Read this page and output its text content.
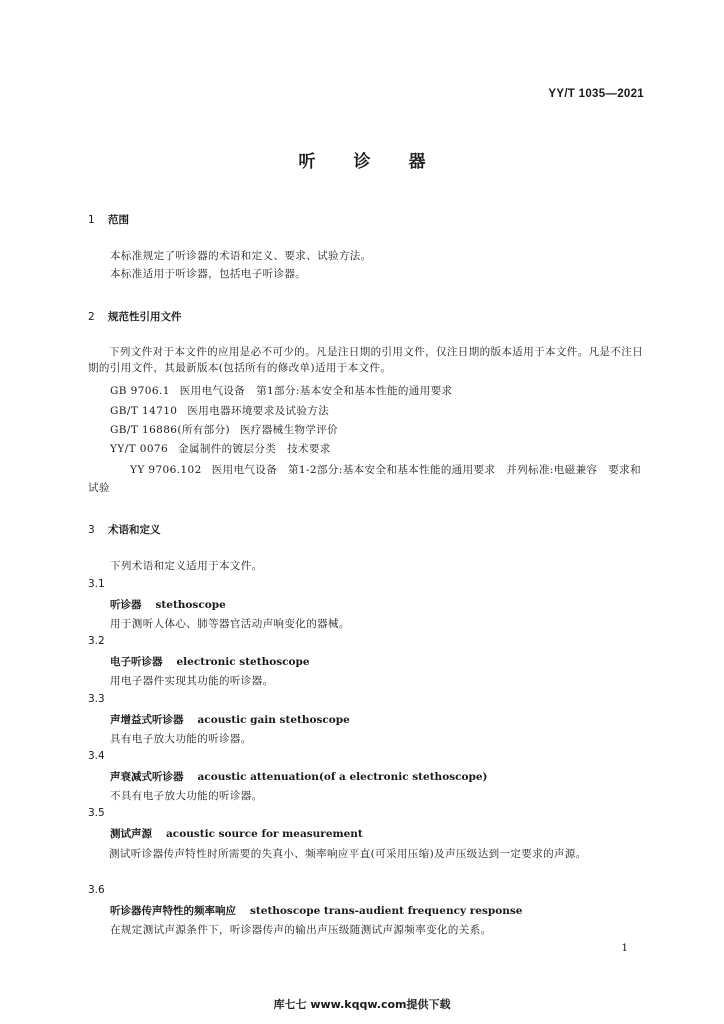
YY/T 1035—2021
听诊器
1 范围
本标准规定了听诊器的术语和定义、要求、试验方法。
本标准适用于听诊器，包括电子听诊器。
2 规范性引用文件
下列文件对于本文件的应用是必不可少的。凡是注日期的引用文件，仅注日期的版本适用于本文件。凡是不注日期的引用文件，其最新版本(包括所有的修改单)适用于本文件。
GB 9706.1 医用电气设备　第1部分:基本安全和基本性能的通用要求
GB/T 14710 医用电器环境要求及试验方法
GB/T 16886(所有部分) 医疗器械生物学评价
YY/T 0076 金属制件的镀层分类　技术要求
YY 9706.102 医用电气设备　第1-2部分:基本安全和基本性能的通用要求　并列标准:电磁兼容　要求和试验
3 术语和定义
下列术语和定义适用于本文件。
3.1
听诊器 stethoscope
用于测听人体心、肺等器官活动声响变化的器械。
3.2
电子听诊器 electronic stethoscope
用电子器件实现其功能的听诊器。
3.3
声增益式听诊器 acoustic gain stethoscope
具有电子放大功能的听诊器。
3.4
声衰减式听诊器 acoustic attenuation(of a electronic stethoscope)
不具有电子放大功能的听诊器。
3.5
测试声源 acoustic source for measurement
测试听诊器传声特性时所需要的失真小、频率响应平直(可采用压缩)及声压级达到一定要求的声源。
3.6
听诊器传声特性的频率响应 stethoscope trans-audient frequency response
在规定测试声源条件下，听诊器传声的输出声压级随测试声源频率变化的关系。
1
库七七 www.kqqw.com提供下载
